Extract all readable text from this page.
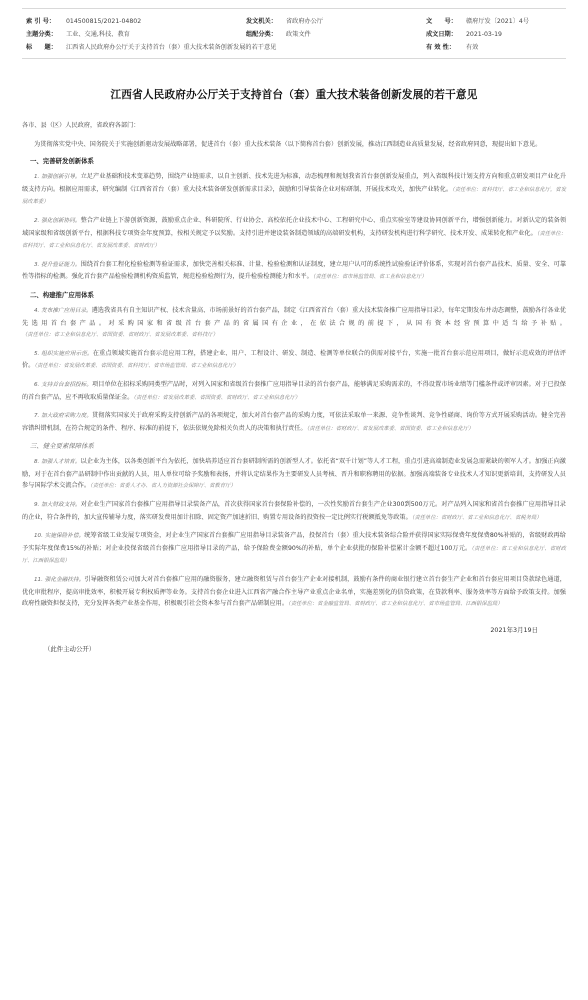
索 引 号： 014500815/2021-04802	发文机关： 省政府办公厅	文　　号： 赣府厅发〔2021〕4号
主题分类： 工业、交通,科技、教育	组配分类： 政策文件	成文日期： 2021-03-19
标　　题： 江西省人民政府办公厅关于支持首台（套）重大技术装备创新发展的若干意见	有 效 性： 有效
江西省人民政府办公厅关于支持首台（套）重大技术装备创新发展的若干意见

各市、县（区）人民政府，省政府各部门：

为贯彻落实党中央、国务院关于实施创新驱动发展战略部署，促进首台（套）重大技术装备（以下简称首台套）创新发展，推动江西制造业高质量发展，经省政府同意，现提出如下意见。

一、完善研发创新体系

1. 加强创新引导。立足产业基础和技术变革趋势，围绕产业链需求，以自主创新、技术先进为标准，动态梳理和规划我省首台套创新发展重点，列入省级科技计划支持方向和重点研发项目产业化升级支持方向。根据应用需求，研究编制《江西省首台（套）重大技术装备研发创新需求目录》，鼓励和引导装备企业对标研制、开展技术攻关，加快产业转化。（责任单位：省科技厅、省工业和信息化厅，省发展改革委）

2. 强化创新协同。整合产业链上下游创新资源，鼓励重点企业、科研院所、行业协会、高校依托企业技术中心、工程研究中心、重点实验室等建设协同创新平台，增强创新能力。对新认定的装备领域国家级和省级创新平台，根据科技专项资金年度预算，按相关规定予以奖励。支持引进并建设装备制造领域的高端研发机构，支持研发机构进行科学研究、技术开发、成果转化和产业化。（责任单位：省科技厅、省工业和信息化厅、省发展改革委、省财政厅）

3. 提升验证能力。围绕首台套工程化检验检测等验证需求，加快完善相关标准、计量、检验检测和认证制度，建立用户认可的系统性试验验证评价体系，实现对首台套产品技术、质量、安全、可靠性等指标的检测。强化首台套产品检验检测机构资质监管，规范检验检测行为，提升检验检测能力和水平。（责任单位：省市场监管局、省工业和信息化厅）

二、构建推广应用体系

4. 发布推广应用目录。遴选我省具有自主知识产权、技术含量高、市场前景好的首台套产品，制定《江西省首台（套）重大技术装备推广应用指导目录》，每年定期发布并动态调整，鼓励各行各业优先选用首台套产品。对采购国家和省级首台套产品的省属国有企业，在依法合规的前提下，从国有资本经营预算中适当给予补贴。（责任单位：省工业和信息化厅、省国资委、省财政厅、省发展改革委、省科技厅）

5. 组织实施应用示范。在重点领域实施首台套示范应用工程，搭建企业、用户、工程设计、研发、制造、检测等单位联合的供需对接平台，实施一批首台套示范应用项目，做好示范成效的评估评价。（责任单位：省发展改革委、省国资委、省科技厅、省市场监管局、省工业和信息化厅）

6. 支持首台套招投标。项目单位在招标采购同类型产品时，对列入国家和省级首台套推广应用指导目录的首台套产品，能够满足采购需求的，不得设置市场业绩等门槛条件或评审因素。对于已投保的首台套产品，应不再收取质量保证金。（责任单位：省发展改革委、省国资委、省财政厅、省工业和信息化厅）

7. 加大政府采购力度。贯彻落实国家关于政府采购支持创新产品的各项规定，加大对首台套产品的采购力度，可依法采取单一来源、竞争性谈判、竞争性磋商、询价等方式开展采购活动。健全完善容错纠错机制，在符合规定的条件、程序、标准的前提下，依法依规免除相关负责人的决策和执行责任。（责任单位：省财政厅、省发展改革委、省国资委、省工业和信息化厅）

三、健全要素保障体系

8. 加强人才培育。以企业为主体，以各类创新平台为依托，加快培养适应首台套研制所需的创新型人才。依托省“双千计划”等人才工程，重点引进高端制造业发展急需紧缺的领军人才。加强正向激励，对于在首台套产品研制中作出贡献的人员，用人单位可给予奖励和表扬，并将认定结果作为主要研发人员考核、晋升和职称聘用的依据。加强高端装备专业技术人才知识更新培训，支持研发人员参与国际学术交流合作。（责任单位：省委人才办、省人力资源社会保障厅、省教育厅）

9. 加大财政支持。对企业生产国家首台套推广应用指导目录装备产品，首次获得国家首台套保险补偿的，一次性奖励首台套生产企业300到500万元。对产品列入国家和省首台套推广应用指导目录的企业，符合条件的，加大宣传辅导力度，落实研发费用加计扣除、固定资产加速折旧、购置专用设备的投资按一定比例实行税额抵免等政策。（责任单位：省财政厅、省工业和信息化厅、省税务局）

10. 实施保险补偿。统筹省级工业发展专项资金，对企业生产国家首台套推广应用指导目录装备产品，投保首台（套）重大技术装备综合险并获得国家实际保费年度保费80%补贴的，省级财政再给予实际年度保费15%的补贴；对企业投保省级首台套推广应用指导目录的产品，给予保险费金额90%的补贴，单个企业获批的保险补偿累计金额不超过100万元。（责任单位：省工业和信息化厅、省财政厅、江西银保监局）

11. 强化金融扶持。引导融资租赁公司加大对首台套推广应用的融资服务，建立融资租赁与首台套生产企业对接机制，鼓励有条件的商业银行建立首台套生产企业和首台套应用项目贷款绿色通道，优化审批程序，提高审批效率，积极开展专利权质押等业务。支持首台套企业进入江西省产融合作主导产业重点企业名单，实施差别化的信贷政策，在贷款利率、服务效率等方面给予政策支持。加强政府性融资担保支持，充分发挥各类产业基金作用，积极吸引社会资本参与首台套产品研制应用。（责任单位：省金融监管局、省财政厅、省工业和信息化厅、省市场监管局、江西银保监局）

2021年3月19日
（此件主动公开）
